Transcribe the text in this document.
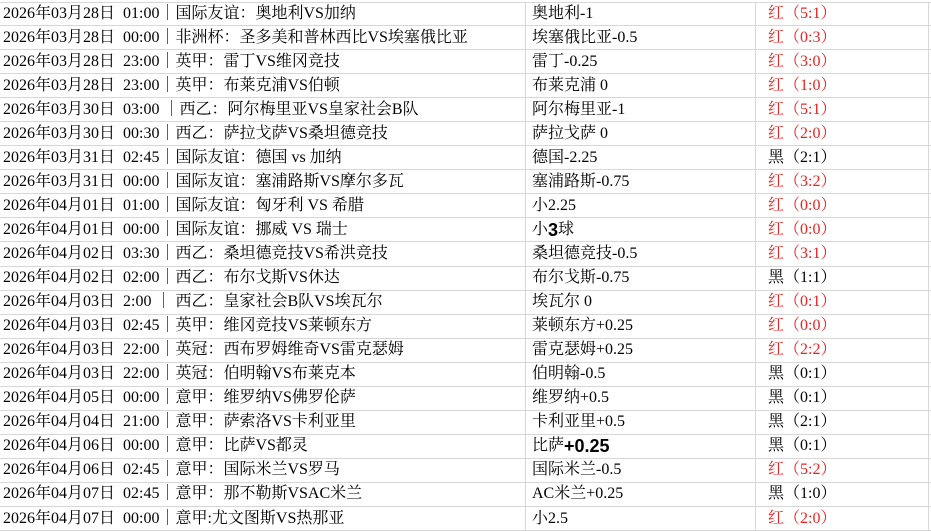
2026年03月28日  01:00｜国际友谊：奥地利VS加纳	奥地利-1	红（5:1）
2026年03月28日  00:00｜非洲杯：圣多美和普林西比VS埃塞俄比亚	埃塞俄比亚-0.5	红（0:3）
2026年03月28日  23:00｜英甲：雷丁VS维冈竞技	雷丁-0.25	红（3:0）
2026年03月28日  23:00｜英甲：布莱克浦VS伯顿	布莱克浦 0	红（1:0）
2026年03月30日  03:00 ｜西乙：阿尔梅里亚VS皇家社会B队	阿尔梅里亚-1	红（5:1）
2026年03月30日  00:30｜西乙：萨拉戈萨VS桑坦德竞技	萨拉戈萨 0	红（2:0）
2026年03月31日  02:45｜国际友谊：德国 vs 加纳	德国-2.25	黑（2:1）
2026年03月31日  00:00｜国际友谊：塞浦路斯VS摩尔多瓦	塞浦路斯-0.75	红（3:2）
2026年04月01日  01:00｜国际友谊：匈牙利 VS 希腊	小2.25	红（0:0）
2026年04月01日  00:00｜国际友谊：挪威 VS 瑞士	小 3 球	红（0:0）
2026年04月02日  03:30｜西乙：桑坦德竞技VS希洪竞技	桑坦德竞技-0.5	红（3:1）
2026年04月02日  02:00｜西乙：布尔戈斯VS休达	布尔戈斯-0.75	黑（1:1）
2026年04月03日  2:00 ｜ 西乙：皇家社会B队VS埃瓦尔	埃瓦尔 0	红（0:1）
2026年04月03日  02:45｜英甲：维冈竞技VS莱顿东方	莱顿东方+0.25	红（0:0）
2026年04月03日  22:00｜英冠：西布罗姆维奇VS雷克瑟姆	雷克瑟姆+0.25	红（2:2）
2026年04月03日  22:00｜英冠：伯明翰VS布莱克本	伯明翰-0.5	黑（0:1）
2026年04月05日  00:00｜意甲：维罗纳VS佛罗伦萨	维罗纳+0.5	黑（0:1）
2026年04月04日  21:00｜意甲：萨索洛VS卡利亚里	卡利亚里+0.5	黑（2:1）
2026年04月06日  00:00｜意甲：比萨VS都灵	比萨 +0.25	黑（0:1）
2026年04月06日  02:45｜意甲：国际米兰VS罗马	国际米兰-0.5	红（5:2）
2026年04月07日  02:45｜意甲：那不勒斯VSAC米兰	AC米兰+0.25	黑（1:0）
2026年04月07日  00:00｜意甲:尤文图斯VS热那亚	小2.5	红（2:0）
